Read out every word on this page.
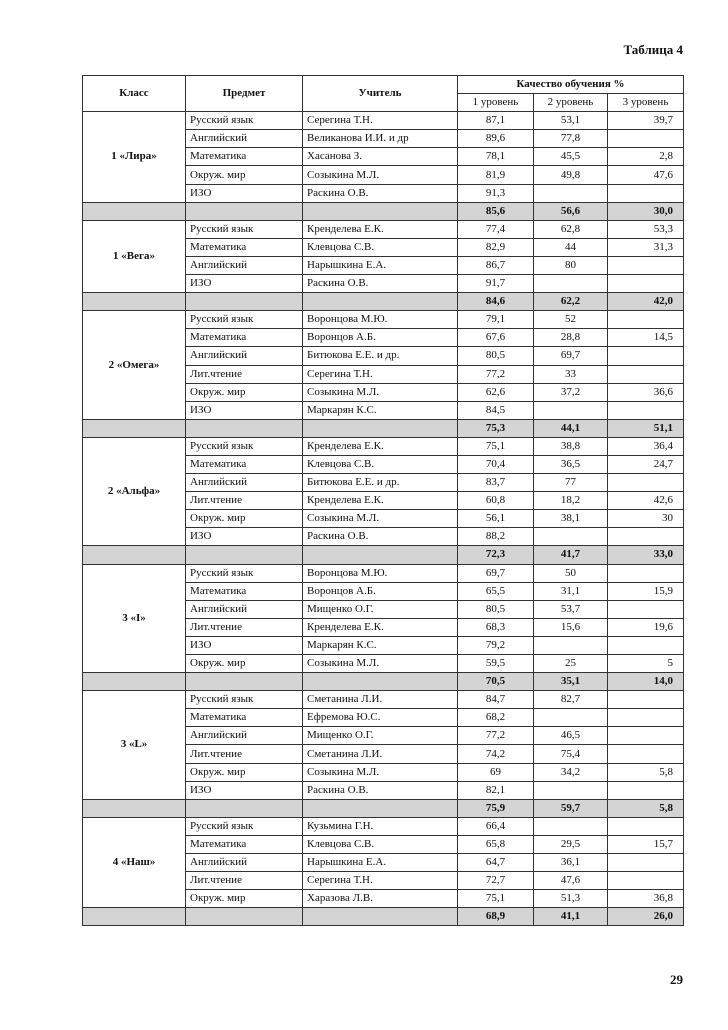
Таблица 4
Класс	Предмет	Учитель	Качество обучения %		
			1 уровень	2 уровень	3 уровень
1 «Лира»	Русский язык	Серегина Т.Н.	87,1	53,1	39,7
	Английский	Великанова И.И. и др	89,6	77,8	
	Математика	Хасанова З.	78,1	45,5	2,8
	Окруж. мир	Созыкина М.Л.	81,9	49,8	47,6
	ИЗО	Раскина О.В.	91,3		
			85,6	56,6	30,0
1 «Вега»	Русский язык	Кренделева Е.К.	77,4	62,8	53,3
	Математика	Клевцова С.В.	82,9	44	31,3
	Английский	Нарышкина Е.А.	86,7	80	
	ИЗО	Раскина О.В.	91,7		
			84,6	62,2	42,0
2 «Омега»	Русский язык	Воронцова М.Ю.	79,1	52	
	Математика	Воронцов А.Б.	67,6	28,8	14,5
	Английский	Битюкова Е.Е. и др.	80,5	69,7	
	Лит.чтение	Серегина Т.Н.	77,2	33	
	Окруж. мир	Созыкина М.Л.	62,6	37,2	36,6
	ИЗО	Маркарян К.С.	84,5		
			75,3	44,1	51,1
2 «Альфа»	Русский язык	Кренделева Е.К.	75,1	38,8	36,4
	Математика	Клевцова С.В.	70,4	36,5	24,7
	Английский	Битюкова Е.Е. и др.	83,7	77	
	Лит.чтение	Кренделева Е.К.	60,8	18,2	42,6
	Окруж. мир	Созыкина М.Л.	56,1	38,1	30
	ИЗО	Раскина О.В.	88,2		
			72,3	41,7	33,0
3 «I»	Русский язык	Воронцова М.Ю.	69,7	50	
	Математика	Воронцов А.Б.	65,5	31,1	15,9
	Английский	Мищенко О.Г.	80,5	53,7	
	Лит.чтение	Кренделева Е.К.	68,3	15,6	19,6
	ИЗО	Маркарян К.С.	79,2		
	Окруж. мир	Созыкина М.Л.	59,5	25	5
			70,5	35,1	14,0
3 «L»	Русский язык	Сметанина Л.И.	84,7	82,7	
	Математика	Ефремова Ю.С.	68,2		
	Английский	Мищенко О.Г.	77,2	46,5	
	Лит.чтение	Сметанина Л.И.	74,2	75,4	
	Окруж. мир	Созыкина М.Л.	69	34,2	5,8
	ИЗО	Раскина О.В.	82,1		
			75,9	59,7	5,8
4 «Наш»	Русский язык	Кузьмина Г.Н.	66,4		
	Математика	Клевцова С.В.	65,8	29,5	15,7
	Английский	Нарышкина Е.А.	64,7	36,1	
	Лит.чтение	Серегина Т.Н.	72,7	47,6	
	Окруж. мир	Харазова Л.В.	75,1	51,3	36,8
			68,9	41,1	26,0
29
